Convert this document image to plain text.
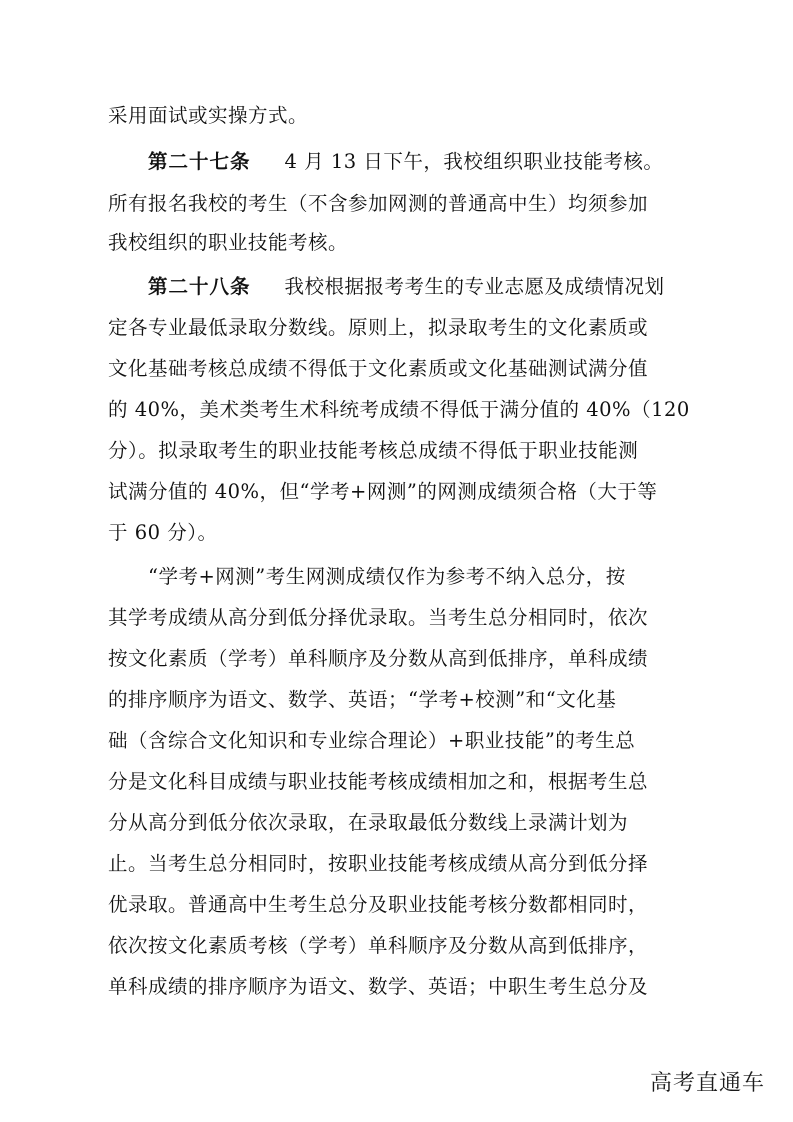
采用面试或实操方式。
第二十七条 4 月 13 日下午，我校组织职业技能考核。
所有报名我校的考生（不含参加网测的普通高中生）均须参加
我校组织的职业技能考核。
第二十八条 我校根据报考考生的专业志愿及成绩情况划
定各专业最低录取分数线。原则上，拟录取考生的文化素质或
文化基础考核总成绩不得低于文化素质或文化基础测试满分值
的 40%，美术类考生术科统考成绩不得低于满分值的 40%（120
分）。拟录取考生的职业技能考核总成绩不得低于职业技能测
试满分值的 40%，但“学考+网测”的网测成绩须合格（大于等
于 60 分）。
“学考+网测”考生网测成绩仅作为参考不纳入总分，按
其学考成绩从高分到低分择优录取。当考生总分相同时，依次
按文化素质（学考）单科顺序及分数从高到低排序，单科成绩
的排序顺序为语文、数学、英语；“学考+校测”和“文化基
础（含综合文化知识和专业综合理论）+职业技能”的考生总
分是文化科目成绩与职业技能考核成绩相加之和，根据考生总
分从高分到低分依次录取，在录取最低分数线上录满计划为
止。当考生总分相同时，按职业技能考核成绩从高分到低分择
优录取。普通高中生考生总分及职业技能考核分数都相同时，
依次按文化素质考核（学考）单科顺序及分数从高到低排序，
单科成绩的排序顺序为语文、数学、英语；中职生考生总分及
高考直通车
